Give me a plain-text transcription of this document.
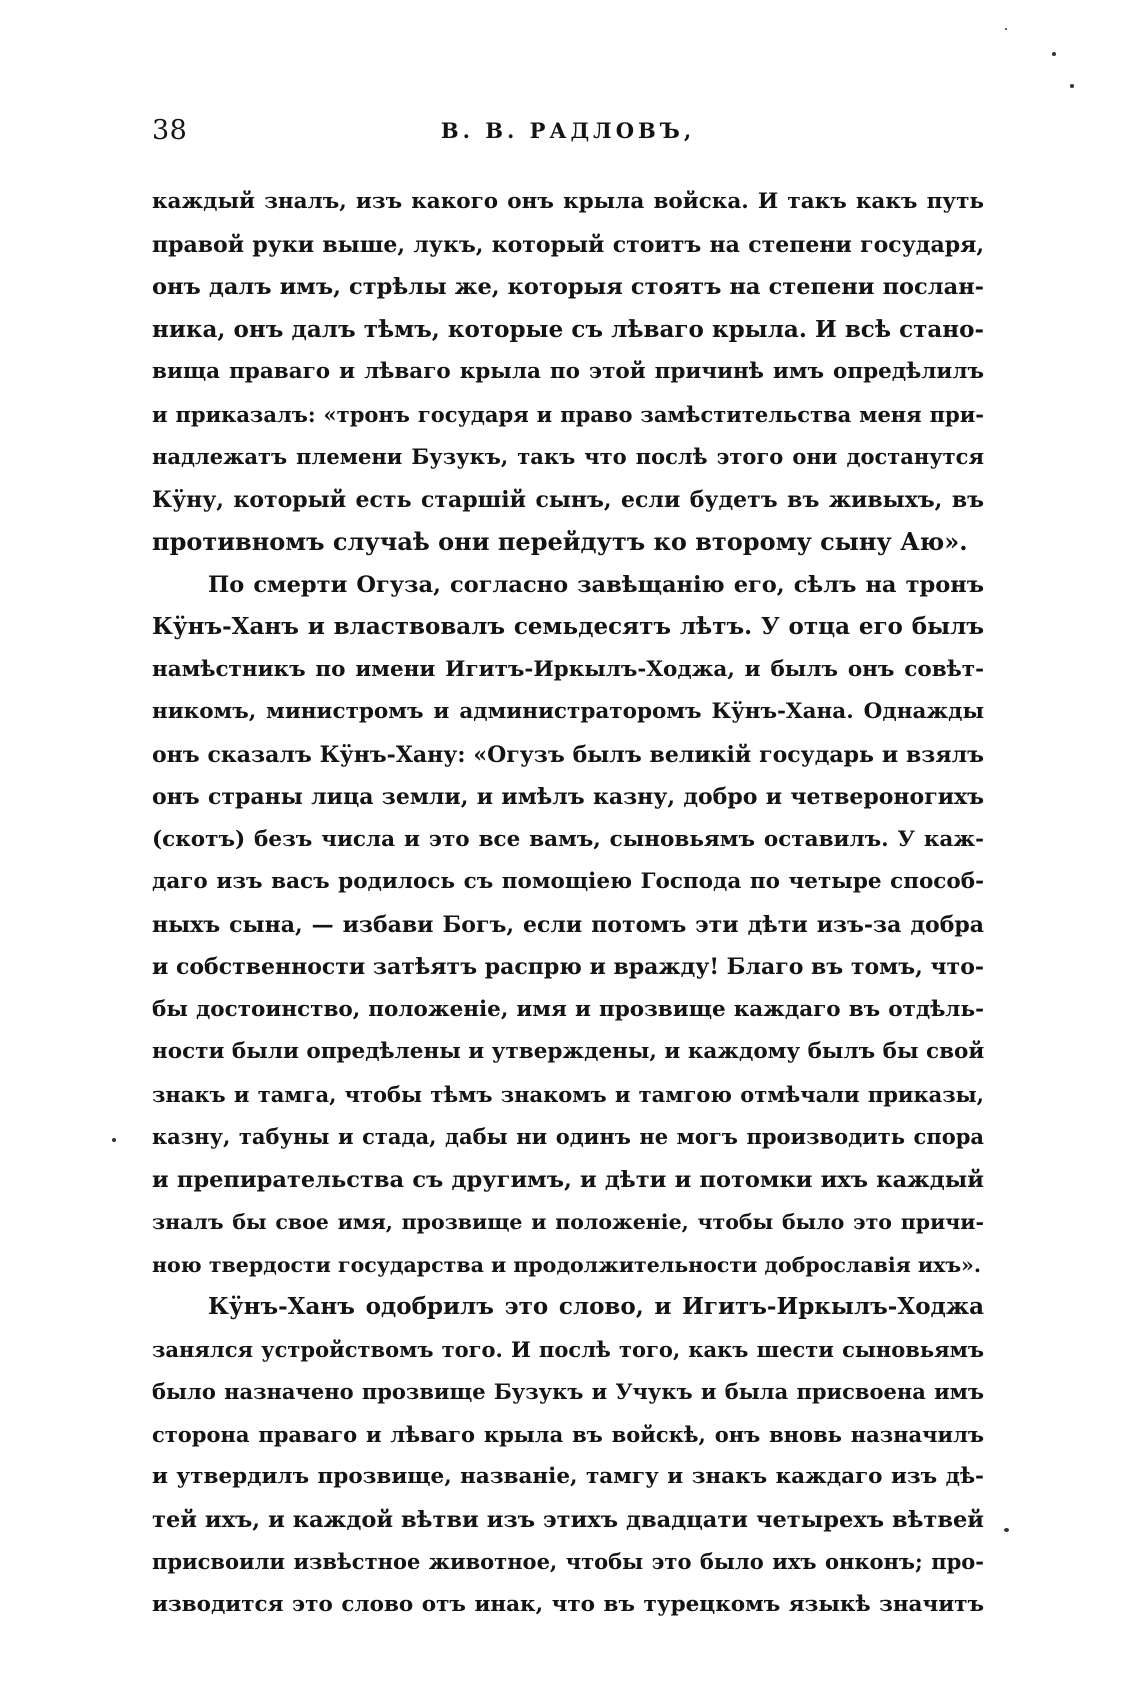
38	В. В. РАДЛОВЪ,
каждый зналъ, изъ какого онъ крыла войска. И такъ какъ путь
правой руки выше, лукъ, который стоитъ на степени государя,
онъ далъ имъ, стрѣлы же, которыя стоятъ на степени послан-
ника, онъ далъ тѣмъ, которые съ лѣваго крыла. И всѣ стано-
вища праваго и лѣваго крыла по этой причинѣ имъ опредѣлилъ
и приказалъ: «тронъ государя и право замѣстительства меня при-
надлежатъ племени Бузукъ, такъ что послѣ этого они достанутся
Кӱну, который есть старшій сынъ, если будетъ въ живыхъ, въ
противномъ случаѣ они перейдутъ ко второму сыну Аю».
По смерти Огуза, согласно завѣщанію его, сѣлъ на тронъ
Кӱнъ-Ханъ и властвовалъ семьдесятъ лѣтъ. У отца его былъ
намѣстникъ по имени Игитъ-Иркылъ-Ходжа, и былъ онъ совѣт-
никомъ, министромъ и администраторомъ Кӱнъ-Хана. Однажды
онъ сказалъ Кӱнъ-Хану: «Огузъ былъ великій государь и взялъ
онъ страны лица земли, и имѣлъ казну, добро и четвероногихъ
(скотъ) безъ числа и это все вамъ, сыновьямъ оставилъ. У каж-
даго изъ васъ родилось съ помощіею Господа по четыре способ-
ныхъ сына, — избави Богъ, если потомъ эти дѣти изъ-за добра
и собственности затѣятъ распрю и вражду! Благо въ томъ, что-
бы достоинство, положеніе, имя и прозвище каждаго въ отдѣль-
ности были опредѣлены и утверждены, и каждому былъ бы свой
знакъ и тамга, чтобы тѣмъ знакомъ и тамгою отмѣчали приказы,
казну, табуны и стада, дабы ни одинъ не могъ производить спора
и препирательства съ другимъ, и дѣти и потомки ихъ каждый
зналъ бы свое имя, прозвище и положеніе, чтобы было это причи-
ною твердости государства и продолжительности доброславія ихъ».
Кӱнъ-Ханъ одобрилъ это слово, и Игитъ-Иркылъ-Ходжа
занялся устройствомъ того. И послѣ того, какъ шести сыновьямъ
было назначено прозвище Бузукъ и Учукъ и была присвоена имъ
сторона праваго и лѣваго крыла въ войскѣ, онъ вновь назначилъ
и утвердилъ прозвище, названіе, тамгу и знакъ каждаго изъ дѣ-
тей ихъ, и каждой вѣтви изъ этихъ двадцати четырехъ вѣтвей
присвоили извѣстное животное, чтобы это было ихъ онконъ; про-
изводится это слово отъ инак, что въ турецкомъ языкѣ значитъ
